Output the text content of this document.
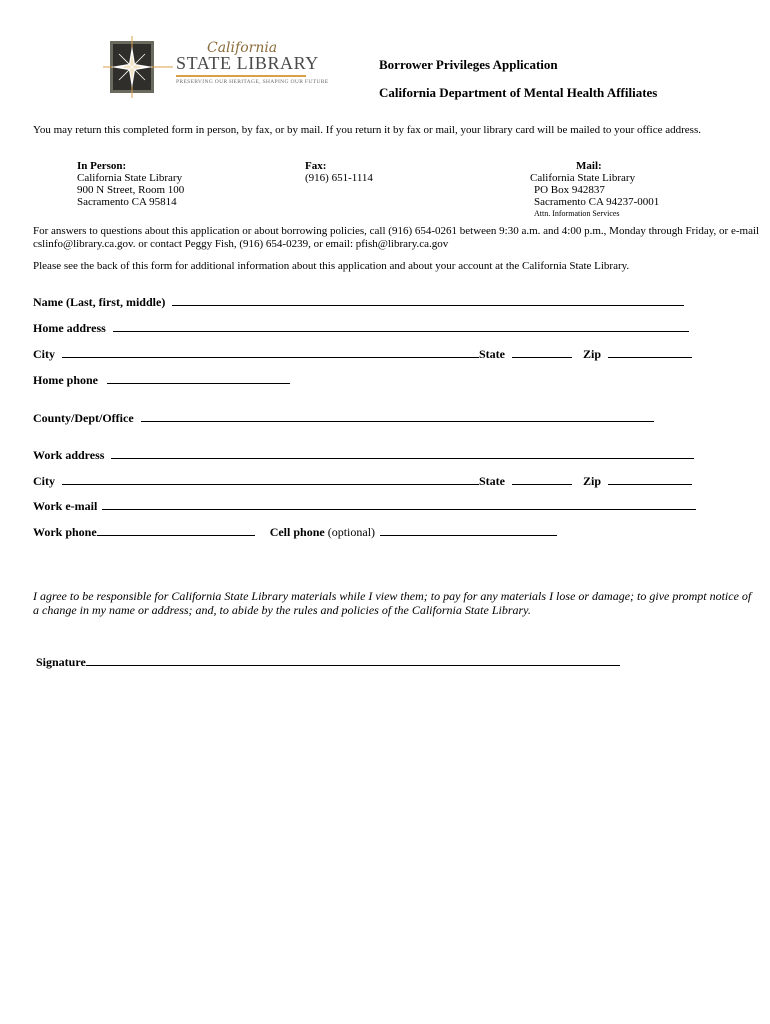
California
STATE LIBRARY
PRESERVING OUR HERITAGE, SHAPING OUR FUTURE
Borrower Privileges Application
California Department of Mental Health Affiliates
You may return this completed form in person, by fax, or by mail. If you return it by fax or mail, your library card will be mailed to your office address.
In Person:
California State Library
900 N Street, Room 100
Sacramento CA 95814
Fax:
(916) 651-1114
Mail:
California State Library
PO Box 942837
Sacramento CA 94237-0001
Attn. Information Services
For answers to questions about this application or about borrowing policies, call (916) 654-0261 between 9:30 a.m. and 4:00 p.m., Monday through Friday, or e-mail cslinfo@library.ca.gov. or contact Peggy Fish, (916) 654-0239, or email: pfish@library.ca.gov
Please see the back of this form for additional information about this application and about your account at the California State Library.
Name (Last, first, middle)
Home address
City	State	Zip
Home phone
County/Dept/Office
Work address
City	State	Zip
Work e-mail
Work phone	Cell phone (optional)
I agree to be responsible for California State Library materials while I view them; to pay for any materials I lose or damage; to give prompt notice of a change in my name or address; and, to abide by the rules and policies of the California State Library.
Signature
